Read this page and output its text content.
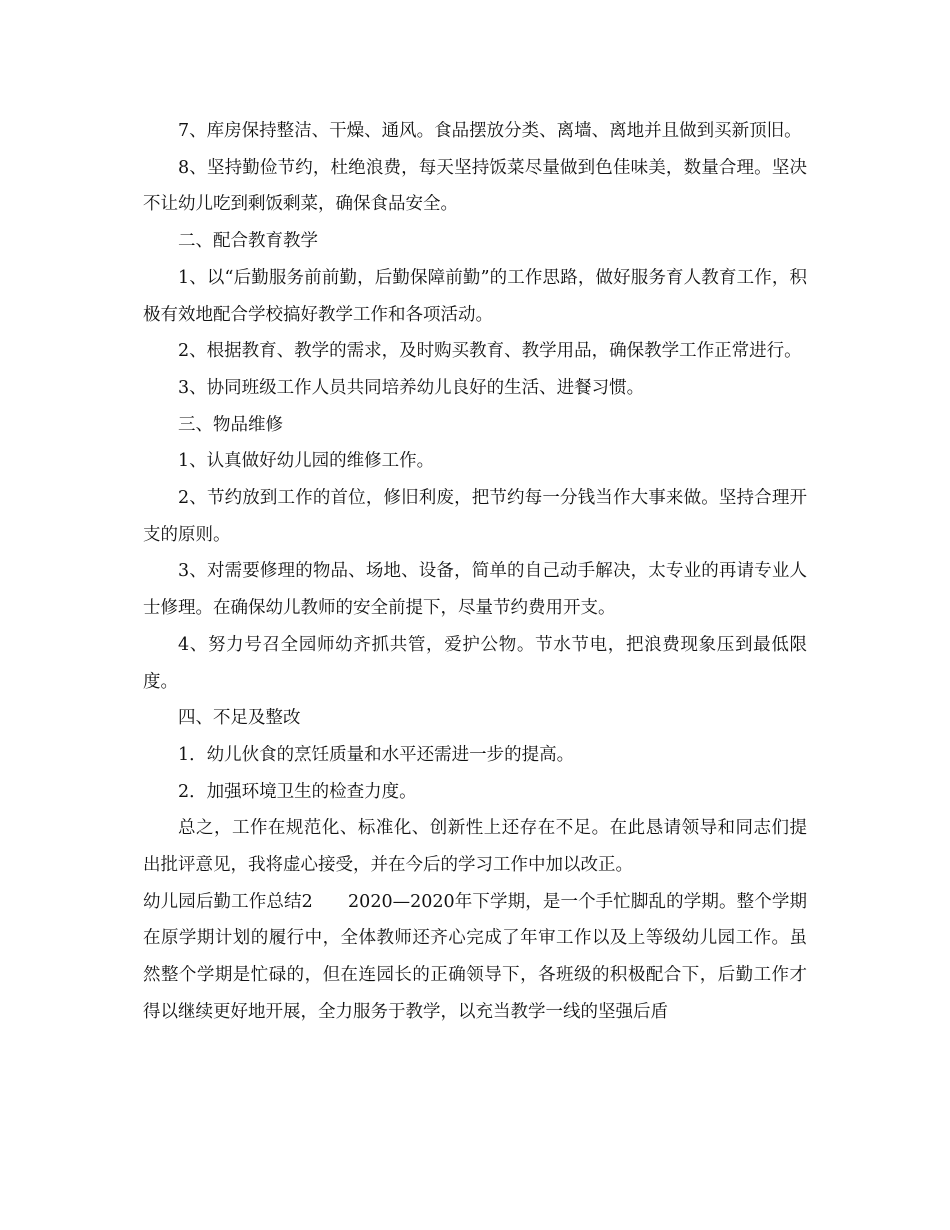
7、库房保持整洁、干燥、通风。食品摆放分类、离墙、离地并且做到买新顶旧。

8、坚持勤俭节约，杜绝浪费，每天坚持饭菜尽量做到色佳味美，数量合理。坚决不让幼儿吃到剩饭剩菜，确保食品安全。

二、配合教育教学

1、以“后勤服务前前勤，后勤保障前勤”的工作思路，做好服务育人教育工作，积极有效地配合学校搞好教学工作和各项活动。

2、根据教育、教学的需求，及时购买教育、教学用品，确保教学工作正常进行。

3、协同班级工作人员共同培养幼儿良好的生活、进餐习惯。

三、物品维修

1、认真做好幼儿园的维修工作。

2、节约放到工作的首位，修旧利废，把节约每一分钱当作大事来做。坚持合理开支的原则。

3、对需要修理的物品、场地、设备，简单的自己动手解决，太专业的再请专业人士修理。在确保幼儿教师的安全前提下，尽量节约费用开支。

4、努力号召全园师幼齐抓共管，爱护公物。节水节电，把浪费现象压到最低限度。

四、不足及整改

1．幼儿伙食的烹饪质量和水平还需进一步的提高。

2．加强环境卫生的检查力度。

总之，工作在规范化、标准化、创新性上还存在不足。在此恳请领导和同志们提出批评意见，我将虚心接受，并在今后的学习工作中加以改正。

幼儿园后勤工作总结2　　2020—2020年下学期，是一个手忙脚乱的学期。整个学期在原学期计划的履行中，全体教师还齐心完成了年审工作以及上等级幼儿园工作。虽然整个学期是忙碌的，但在连园长的正确领导下，各班级的积极配合下，后勤工作才得以继续更好地开展，全力服务于教学，以充当教学一线的坚强后盾
